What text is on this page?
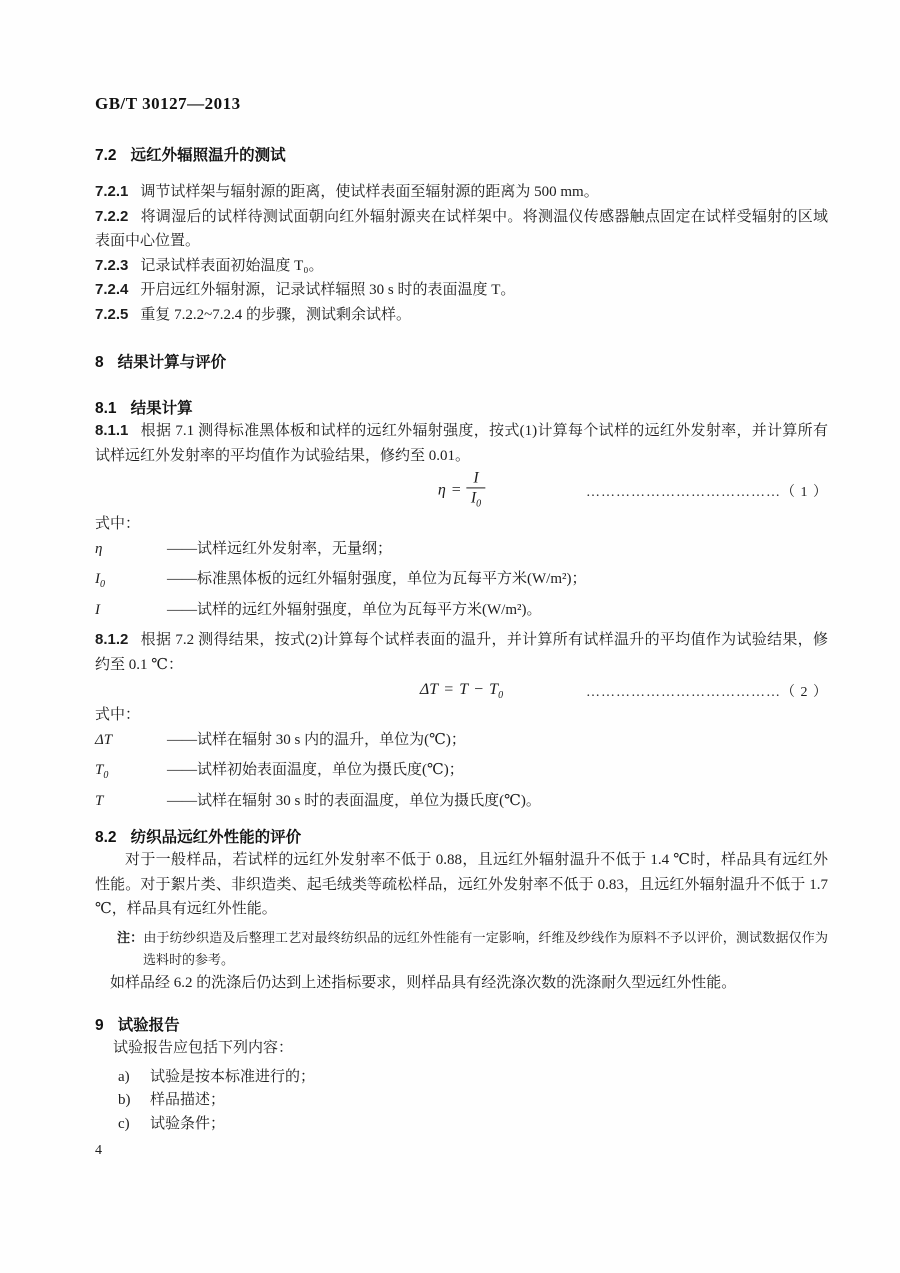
GB/T 30127—2013
7.2 远红外辐照温升的测试

7.2.1 调节试样架与辐射源的距离，使试样表面至辐射源的距离为 500 mm。

7.2.2 将调湿后的试样待测试面朝向红外辐射源夹在试样架中。将测温仪传感器触点固定在试样受辐射的区域表面中心位置。

7.2.3 记录试样表面初始温度 T₀。

7.2.4 开启远红外辐射源，记录试样辐照 30 s 时的表面温度 T。

7.2.5 重复 7.2.2~7.2.4 的步骤，测试剩余试样。

8 结果计算与评价
8.1 结果计算

8.1.1 根据 7.1 测得标准黑体板和试样的远红外辐射强度，按式(1)计算每个试样的远红外发射率，并计算所有试样远红外发射率的平均值作为试验结果，修约至 0.01。

$\eta = \frac{I}{I_0}$	…………………………………（ 1 ）

式中：

η	——试样远红外发射率，无量纲；
$I_0$	——标准黑体板的远红外辐射强度，单位为瓦每平方米(W/m²)；
I	——试样的远红外辐射强度，单位为瓦每平方米(W/m²)。

8.1.2 根据 7.2 测得结果，按式(2)计算每个试样表面的温升，并计算所有试样温升的平均值作为试验结果，修约至 0.1 ℃：

$\Delta T = T - T_0$	…………………………………（ 2 ）

式中：

ΔT	——试样在辐射 30 s 内的温升，单位为(℃)；
$T_0$	——试样初始表面温度，单位为摄氏度(℃)；
T	——试样在辐射 30 s 时的表面温度，单位为摄氏度(℃)。
8.2 纺织品远红外性能的评价

对于一般样品，若试样的远红外发射率不低于 0.88，且远红外辐射温升不低于 1.4 ℃时，样品具有远红外性能。对于絮片类、非织造类、起毛绒类等疏松样品，远红外发射率不低于 0.83，且远红外辐射温升不低于 1.7 ℃，样品具有远红外性能。

注：由于纺纱织造及后整理工艺对最终纺织品的远红外性能有一定影响，纤维及纱线作为原料不予以评价，测试数据仅作为选料时的参考。

如样品经 6.2 的洗涤后仍达到上述指标要求，则样品具有经洗涤次数的洗涤耐久型远红外性能。

9 试验报告

试验报告应包括下列内容：

a)	试验是按本标准进行的；
b)	样品描述；
c)	试验条件；
4
